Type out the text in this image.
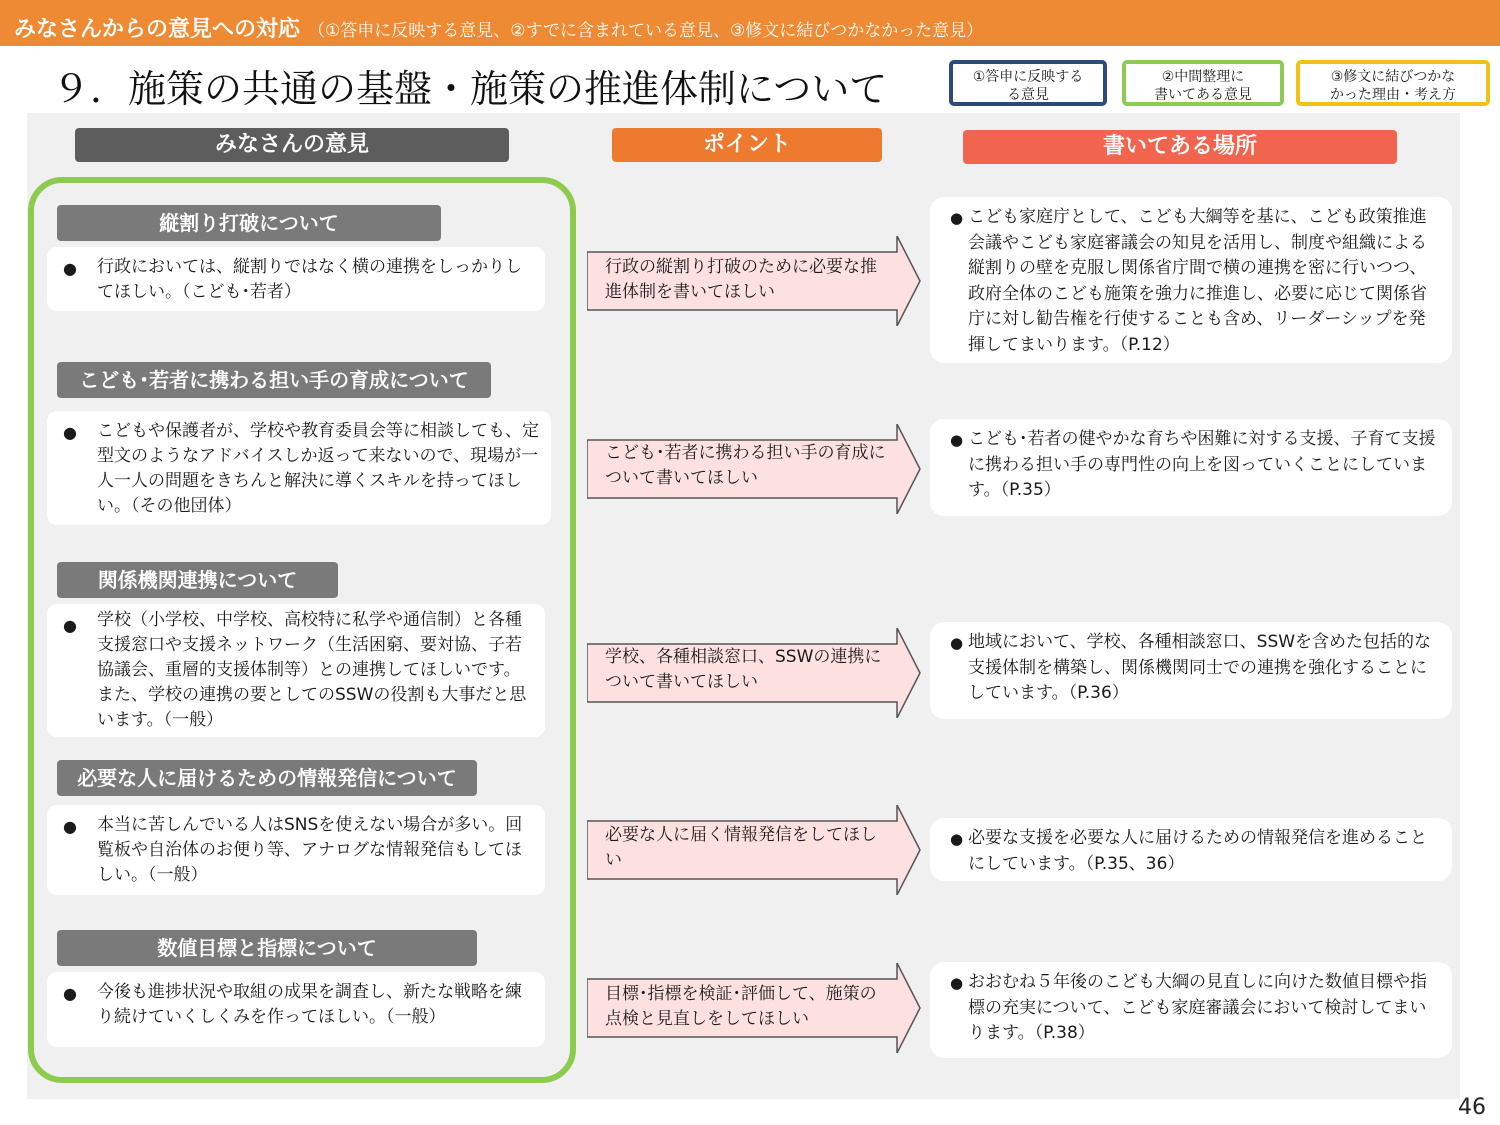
みなさんからの意見への対応 （①答申に反映する意見、②すでに含まれている意見、③修文に結びつかなかった意見）
９．施策の共通の基盤・施策の推進体制について	①答申に反映する
る意見
②中間整理に
書いてある意見
③修文に結びつかな
かった理由・考え方
みなさんの意見	ポイント	書いてある場所
縦割り打破について
● 行政においては、縦割りではなく横の連携をしっかりしてほしい。（こども･若者）
行政の縦割り打破のために必要な推進体制を書いてほしい
● こども家庭庁として、こども大綱等を基に、こども政策推進会議やこども家庭審議会の知見を活用し、制度や組織による縦割りの壁を克服し関係省庁間で横の連携を密に行いつつ、政府全体のこども施策を強力に推進し、必要に応じて関係省庁に対し勧告権を行使することも含め、リーダーシップを発揮してまいります。（P.12）
こども･若者に携わる担い手の育成について
● こどもや保護者が、学校や教育委員会等に相談しても、定型文のようなアドバイスしか返って来ないので、現場が一人一人の問題をきちんと解決に導くスキルを持ってほしい。（その他団体）
こども･若者に携わる担い手の育成について書いてほしい
● こども･若者の健やかな育ちや困難に対する支援、子育て支援に携わる担い手の専門性の向上を図っていくことにしています。（P.35）
関係機関連携について
● 学校（小学校、中学校、高校特に私学や通信制）と各種支援窓口や支援ネットワーク（生活困窮、要対協、子若協議会、重層的支援体制等）との連携してほしいです。また、学校の連携の要としてのSSWの役割も大事だと思います。（一般）
学校、各種相談窓口、SSWの連携について書いてほしい
● 地域において、学校、各種相談窓口、SSWを含めた包括的な支援体制を構築し、関係機関同士での連携を強化することにしています。（P.36）
必要な人に届けるための情報発信について
● 本当に苦しんでいる人はSNSを使えない場合が多い。回覧板や自治体のお便り等、アナログな情報発信もしてほしい。（一般）
必要な人に届く情報発信をしてほしい
● 必要な支援を必要な人に届けるための情報発信を進めることにしています。（P.35、36）
数値目標と指標について
● 今後も進捗状況や取組の成果を調査し、新たな戦略を練り続けていくしくみを作ってほしい。（一般）
目標･指標を検証･評価して、施策の点検と見直しをしてほしい
● おおむね５年後のこども大綱の見直しに向けた数値目標や指標の充実について、こども家庭審議会において検討してまいります。（P.38）
46
